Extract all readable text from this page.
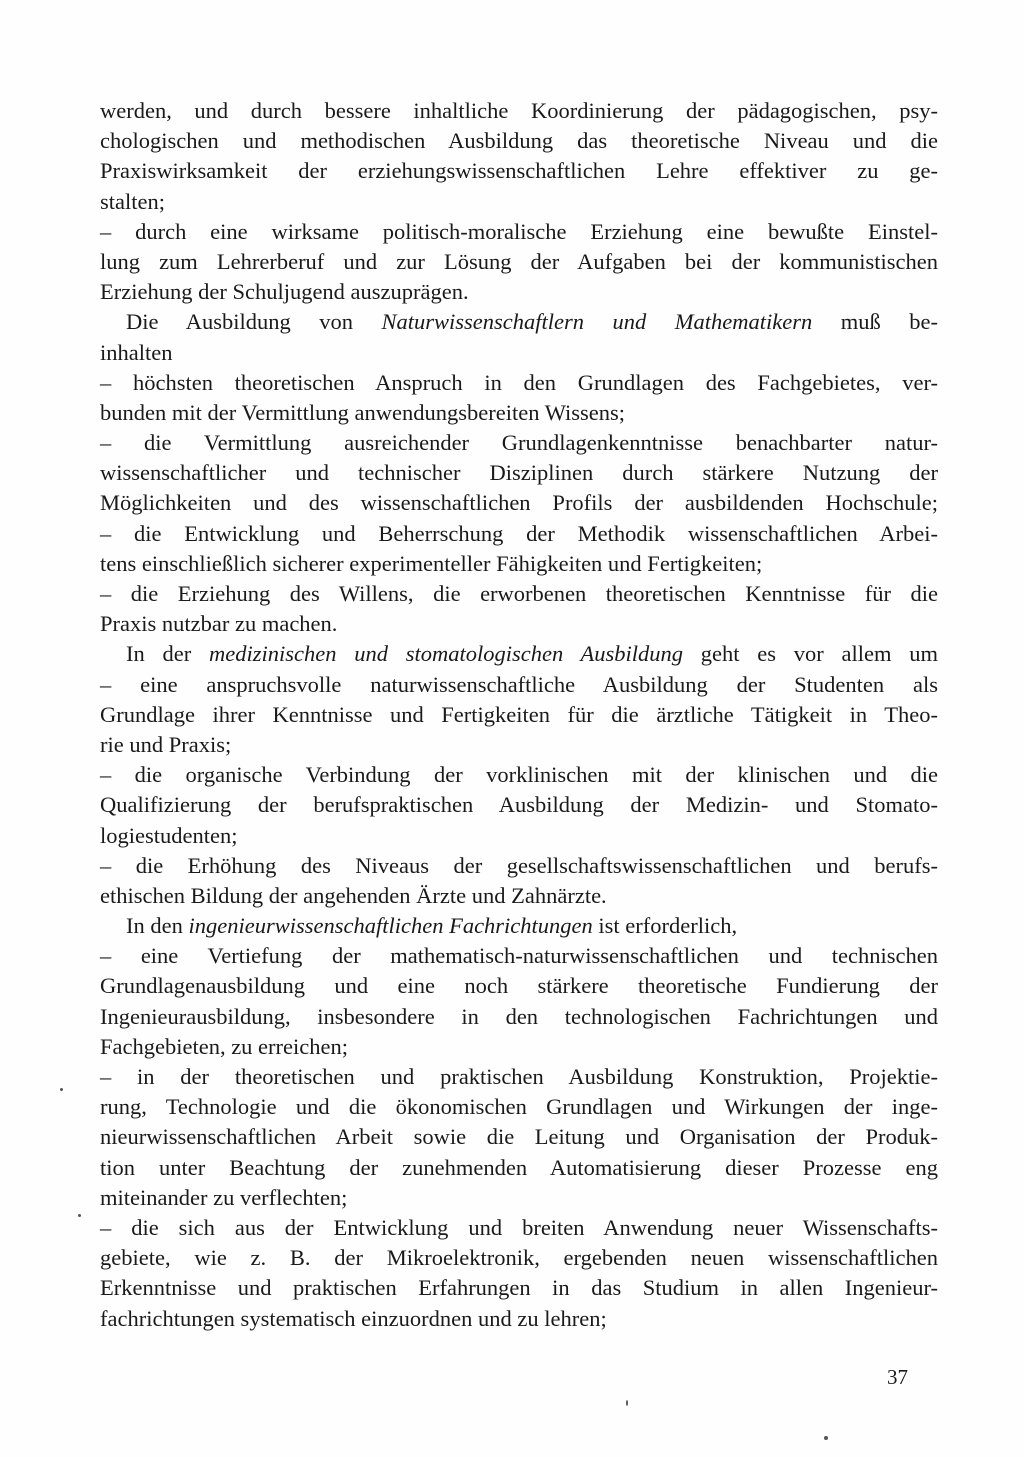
werden, und durch bessere inhaltliche Koordinierung der pädagogischen, psy-
chologischen und methodischen Ausbildung das theoretische Niveau und die
Praxiswirksamkeit der erziehungswissenschaftlichen Lehre effektiver zu ge-
stalten;
– durch eine wirksame politisch-moralische Erziehung eine bewußte Einstel-
lung zum Lehrerberuf und zur Lösung der Aufgaben bei der kommunistischen
Erziehung der Schuljugend auszuprägen.
Die Ausbildung von Naturwissenschaftlern und Mathematikern muß be-
inhalten
– höchsten theoretischen Anspruch in den Grundlagen des Fachgebietes, ver-
bunden mit der Vermittlung anwendungsbereiten Wissens;
– die Vermittlung ausreichender Grundlagenkenntnisse benachbarter natur-
wissenschaftlicher und technischer Disziplinen durch stärkere Nutzung der
Möglichkeiten und des wissenschaftlichen Profils der ausbildenden Hochschule;
– die Entwicklung und Beherrschung der Methodik wissenschaftlichen Arbei-
tens einschließlich sicherer experimenteller Fähigkeiten und Fertigkeiten;
– die Erziehung des Willens, die erworbenen theoretischen Kenntnisse für die
Praxis nutzbar zu machen.
In der medizinischen und stomatologischen Ausbildung geht es vor allem um
– eine anspruchsvolle naturwissenschaftliche Ausbildung der Studenten als
Grundlage ihrer Kenntnisse und Fertigkeiten für die ärztliche Tätigkeit in Theo-
rie und Praxis;
– die organische Verbindung der vorklinischen mit der klinischen und die
Qualifizierung der berufspraktischen Ausbildung der Medizin- und Stomato-
logiestudenten;
– die Erhöhung des Niveaus der gesellschaftswissenschaftlichen und berufs-
ethischen Bildung der angehenden Ärzte und Zahnärzte.
In den ingenieurwissenschaftlichen Fachrichtungen ist erforderlich,
– eine Vertiefung der mathematisch-naturwissenschaftlichen und technischen
Grundlagenausbildung und eine noch stärkere theoretische Fundierung der
Ingenieurausbildung, insbesondere in den technologischen Fachrichtungen und
Fachgebieten, zu erreichen;
– in der theoretischen und praktischen Ausbildung Konstruktion, Projektie-
rung, Technologie und die ökonomischen Grundlagen und Wirkungen der inge-
nieurwissenschaftlichen Arbeit sowie die Leitung und Organisation der Produk-
tion unter Beachtung der zunehmenden Automatisierung dieser Prozesse eng
miteinander zu verflechten;
– die sich aus der Entwicklung und breiten Anwendung neuer Wissenschafts-
gebiete, wie z. B. der Mikroelektronik, ergebenden neuen wissenschaftlichen
Erkenntnisse und praktischen Erfahrungen in das Studium in allen Ingenieur-
fachrichtungen systematisch einzuordnen und zu lehren;
37
